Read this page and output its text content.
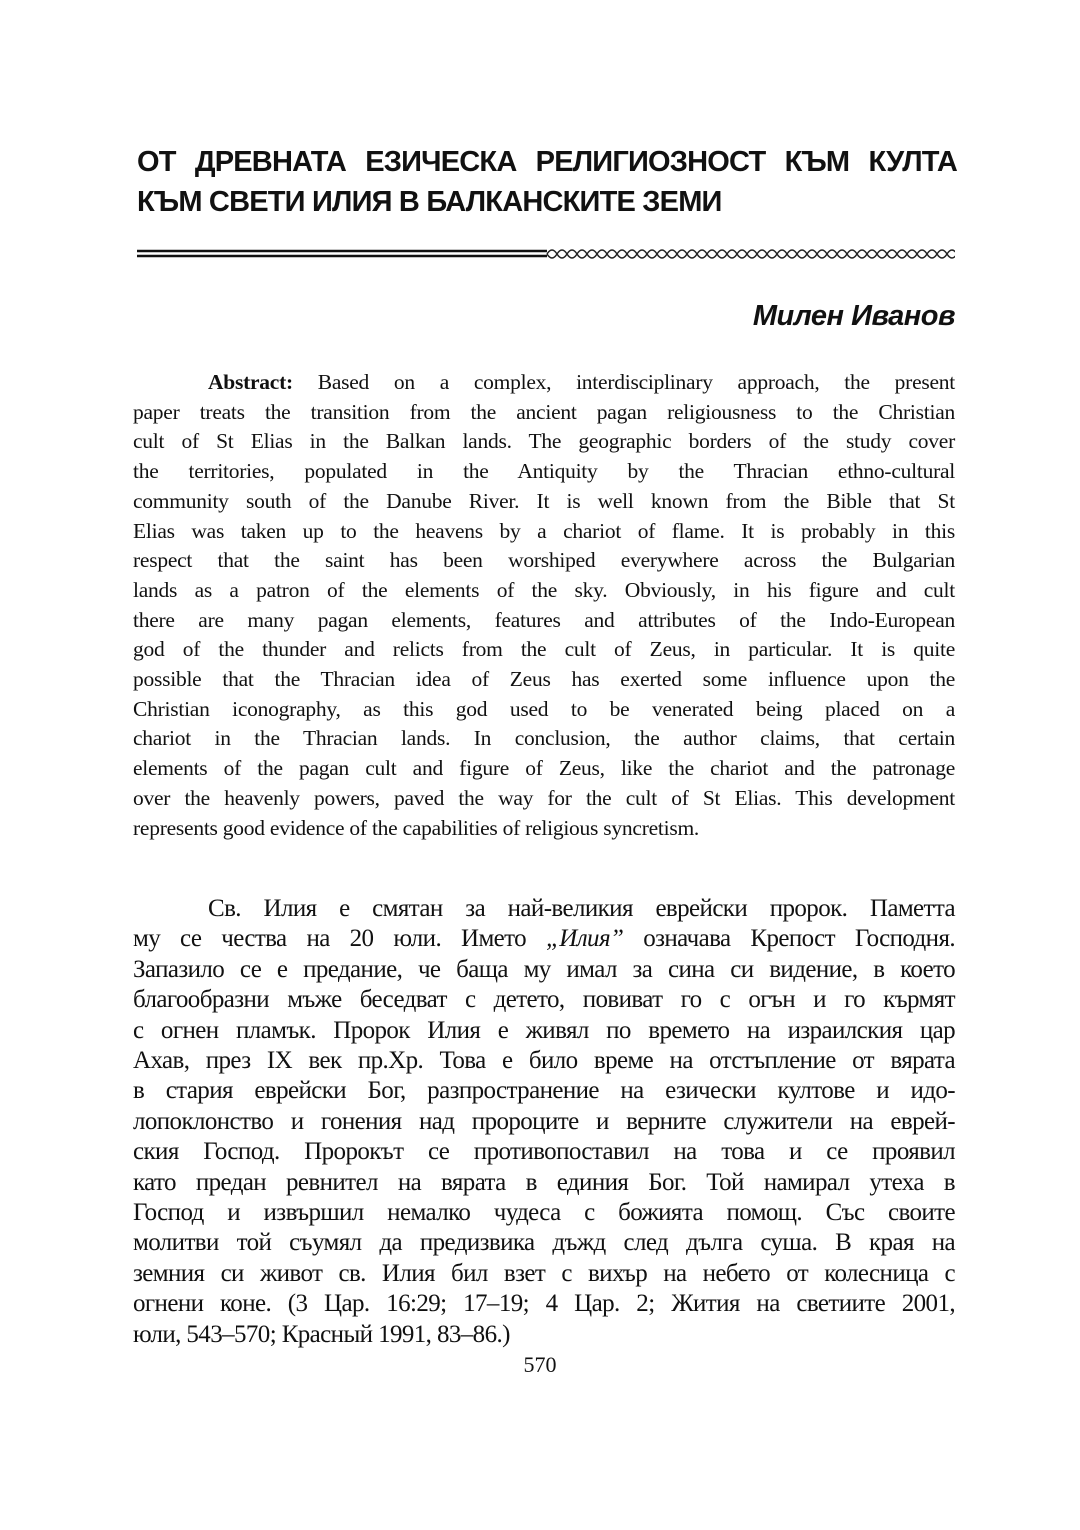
ОТ ДРЕВНАТА ЕЗИЧЕСКА РЕЛИГИОЗНОСТ КЪМ КУЛТА
КЪМ СВЕТИ ИЛИЯ В БАЛКАНСКИТЕ ЗЕМИ
Милен Иванов
Abstract: Based on a complex, interdisciplinary approach, the present
paper treats the transition from the ancient pagan religiousness to the Christian
cult of St Elias in the Balkan lands. The geographic borders of the study cover
the territories, populated in the Antiquity by the Thracian ethno-cultural
community south of the Danube River. It is well known from the Bible that St
Elias was taken up to the heavens by a chariot of flame. It is probably in this
respect that the saint has been worshiped everywhere across the Bulgarian
lands as a patron of the elements of the sky. Obviously, in his figure and cult
there are many pagan elements, features and attributes of the Indo-European
god of the thunder and relicts from the cult of Zeus, in particular. It is quite
possible that the Thracian idea of Zeus has exerted some influence upon the
Christian iconography, as this god used to be venerated being placed on a
chariot in the Thracian lands. In conclusion, the author claims, that certain
elements of the pagan cult and figure of Zeus, like the chariot and the patronage
over the heavenly powers, paved the way for the cult of St Elias. This development
represents good evidence of the capabilities of religious syncretism.
Св. Илия е смятан за най-великия еврейски пророк. Паметта
му се чества на 20 юли. Името „Илия” означава Крепост Господня.
Запазило се е предание, че баща му имал за сина си видение, в което
благообразни мъже беседват с детето, повиват го с огън и го кърмят
с огнен пламък. Пророк Илия е живял по времето на израилския цар
Ахав, през IX век пр.Хр. Това е било време на отстъпление от вярата
в стария еврейски Бог, разпространение на езически култове и идо-
лопоклонство и гонения над пророците и верните служители на еврей-
ския Господ. Пророкът се противопоставил на това и се проявил
като предан ревнител на вярата в единия Бог. Той намирал утеха в
Господ и извършил немалко чудеса с божията помощ. Със своите
молитви той съумял да предизвика дъжд след дълга суша. В края на
земния си живот св. Илия бил взет с вихър на небето от колесница с
огнени коне. (3 Цар. 16:29; 17–19; 4 Цар. 2; Жития на светиите 2001,
юли, 543–570; Красный 1991, 83–86.)
570
